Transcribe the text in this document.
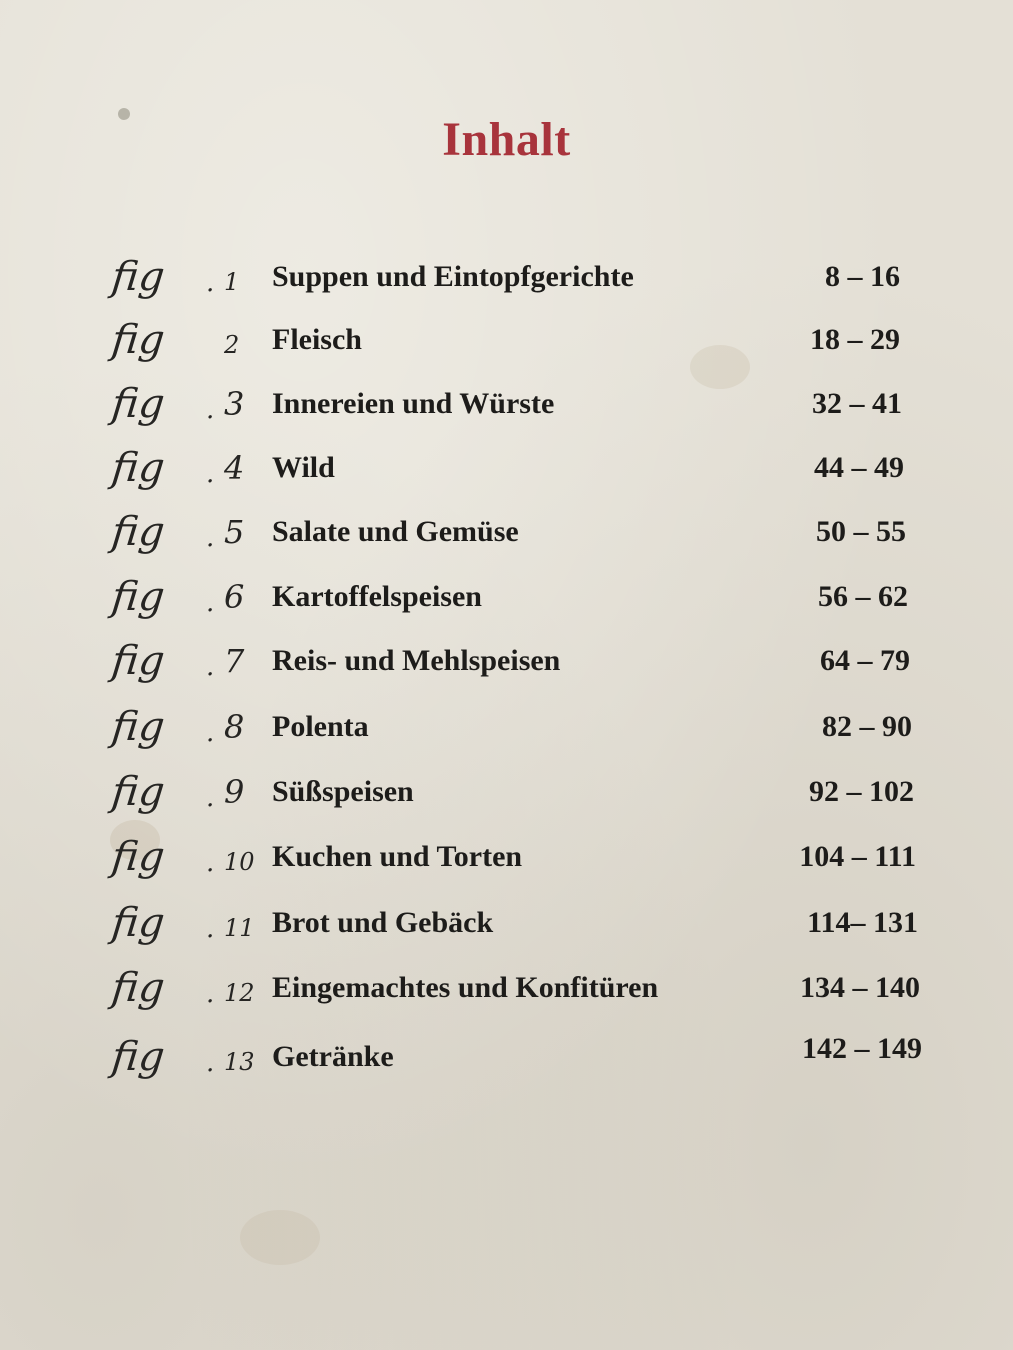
Inhalt
fig . 1 Suppen und Eintopfgerichte	8 – 16
fig 2 Fleisch	18 – 29
fig . 3 Innereien und Würste	32 – 41
fig . 4 Wild	44 – 49
fig . 5 Salate und Gemüse	50 – 55
fig . 6 Kartoffelspeisen	56 – 62
fig . 7 Reis- und Mehlspeisen	64 – 79
fig . 8 Polenta	82 – 90
fig . 9 Süßspeisen	92 – 102
fig . 10 Kuchen und Torten	104 – 111
fig . 11 Brot und Gebäck	114– 131
fig . 12 Eingemachtes und Konfitüren	134 – 140
fig . 13 Getränke	142 – 149
